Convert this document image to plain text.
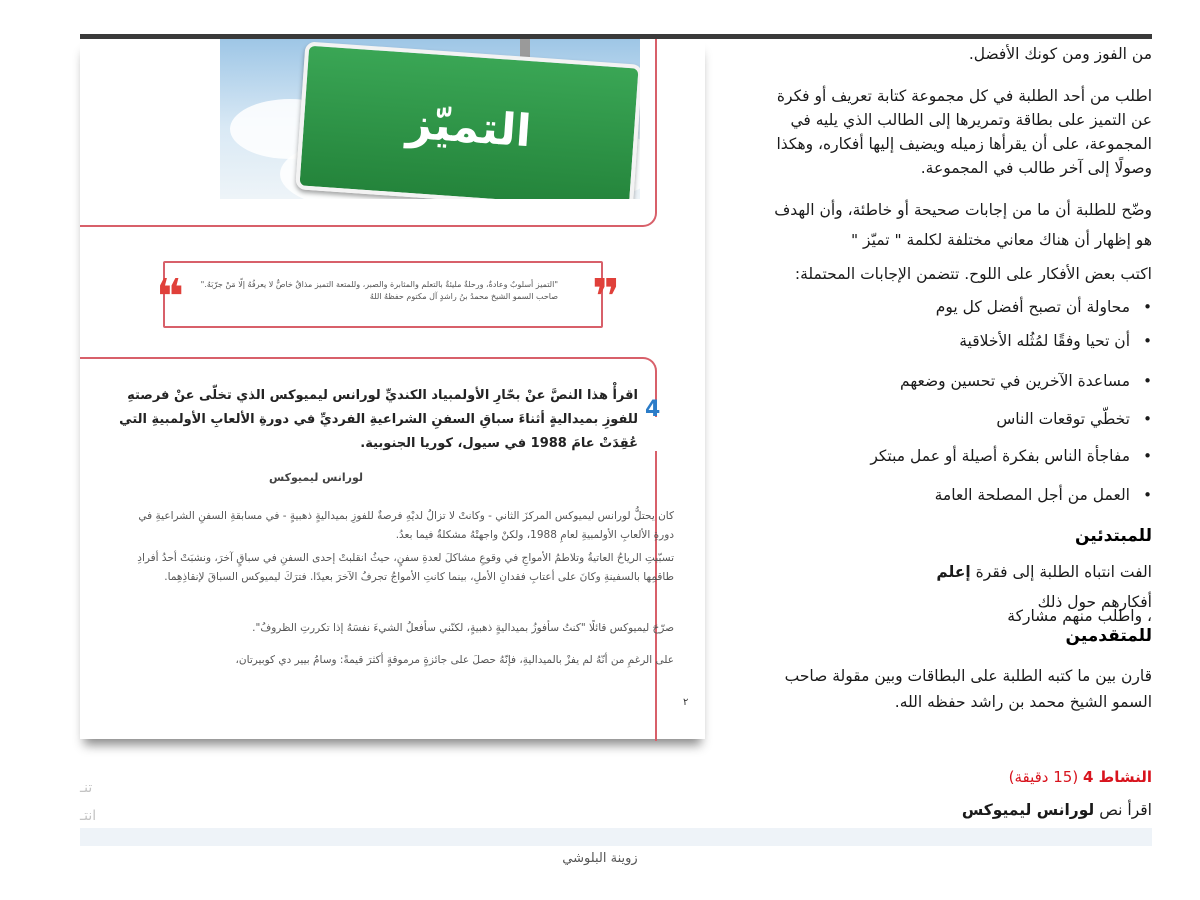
التميّز
❝	❞
"التميز أسلوبٌ وعادةٌ، ورحلةٌ مليئةٌ بالتعلم والمثابرة والصبر، وللمتعة التميز مذاقٌ خاصٌّ لا يعرفُهُ إلّا مَنْ جرّبَهُ." صاحب السمو الشيخ محمدُ بنُ راشدٍ آل مكتوم حفظهُ اللهُ
4
اقرأْ هذا النصَّ عنْ بحّارِ الأولمبياد الكنديِّ لورانس ليميوكس الذي تخلّى عنْ فرصتهِ للفوزِ بميداليةٍ أثناءَ سباقِ السفنِ الشراعيةِ الفرديِّ في دورةِ الألعابِ الأولمبيةِ التي عُقِدَتْ عامَ 1988 في سيول، كوريا الجنوبية.
لورانس ليميوكس
كان يحتلُّ لورانس ليميوكس المركزَ الثاني - وكانتْ لا تزالُ لديْهِ فرصةٌ للفوزِ بميداليةٍ ذهبيةٍ - في مسابقةِ السفنِ الشراعيةِ في دورةِ الألعابِ الأولمبيةِ لعامِ 1988، ولكنْ واجهتْهُ مشكلةٌ فيما بعدُ.
تسبّبتِ الرياحُ العاتيةُ وتلاطمُ الأمواجِ في وقوعِ مشاكلَ لعدةِ سفنٍ، حيثُ انقلبتْ إحدى السفنِ في سباقٍ آخرَ، ونشبَتْ أحدُ أفرادِ طاقمِها بالسفينةِ وكانَ على أعتابِ فقدانِ الأملِ، بينما كانتِ الأمواجُ تجرفُ الآخرَ بعيدًا. فترَكَ ليميوكس السباقَ لإنقاذِهِما.
صرّحَ ليميوكس قائلًا "كنتُ سأفوزُ بميداليةٍ ذهبيةٍ، لكنّني سأفعلُ الشيءَ نفسَهُ إذا تكررتِ الظروفُ".
على الرغمِ من أنّهُ لم يفزْ بالميداليةِ، فإنّهُ حصلَ على جائزةٍ مرموقةٍ أكثرَ قيمةً: وسامُ بيير دي كوبيرتان،
٢
من الفوز ومن كونك الأفضل.
اطلب من أحد الطلبة في كل مجموعة كتابة تعريف أو فكرة
عن التميز على بطاقة وتمريرها إلى الطالب الذي يليه في
المجموعة، على أن يقرأها زميله ويضيف إليها أفكاره، وهكذا
وصولًا إلى آخر طالب في المجموعة.
وضّح للطلبة أن ما من إجابات صحيحة أو خاطئة، وأن الهدف
هو إظهار أن هناك معاني مختلفة لكلمة " تميّز "
اكتب بعض الأفكار على اللوح. تتضمن الإجابات المحتملة:
•
محاولة أن تصبح أفضل كل يوم
•
أن تحيا وفقًا لمُثُله الأخلاقية
•
مساعدة الآخرين في تحسين وضعهم
•
تخطّي توقعات الناس
•
مفاجأة الناس بفكرة أصيلة أو عمل مبتكر
•
العمل من أجل المصلحة العامة
للمبتدئين
الفت انتباه الطلبة إلى فقرة إعلم
أفكارهم حول ذلك
، واطلب منهم مشاركة
للمتقدمين
قارن بين ما كتبه الطلبة على البطاقات وبين مقولة صاحب
السمو الشيخ محمد بن راشد حفظه الله.
النشاط 4 (15 دقيقة)
اقرأ نص لورانس ليميوكس
تنـ
انتـ
زوينة البلوشي
